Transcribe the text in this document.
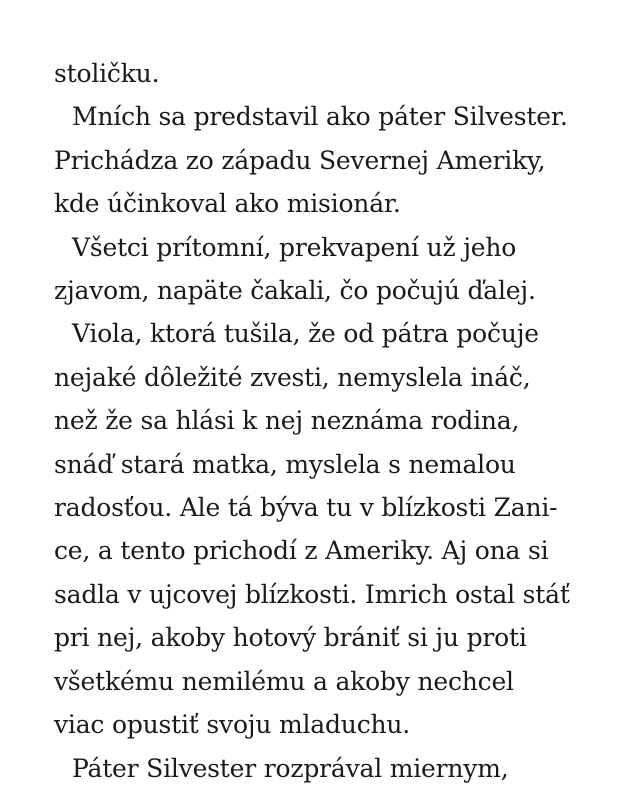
stoličku.
Mních sa predstavil ako páter Silvester.
Prichádza zo západu Severnej Ameriky,
kde účinkoval ako misionár.
Všetci prítomní, prekvapení už jeho
zjavom, napäte čakali, čo počujú ďalej.
Viola, ktorá tušila, že od pátra počuje
nejaké dôležité zvesti, nemyslela ináč,
než že sa hlási k nej neznáma rodina,
snáď stará matka, myslela s nemalou
radosťou. Ale tá býva tu v blízkosti Zani-
ce, a tento prichodí z Ameriky. Aj ona si
sadla v ujcovej blízkosti. Imrich ostal stáť
pri nej, akoby hotový brániť si ju proti
všetkému nemilému a akoby nechcel
viac opustiť svoju mladuchu.
Páter Silvester rozprával miernym,
